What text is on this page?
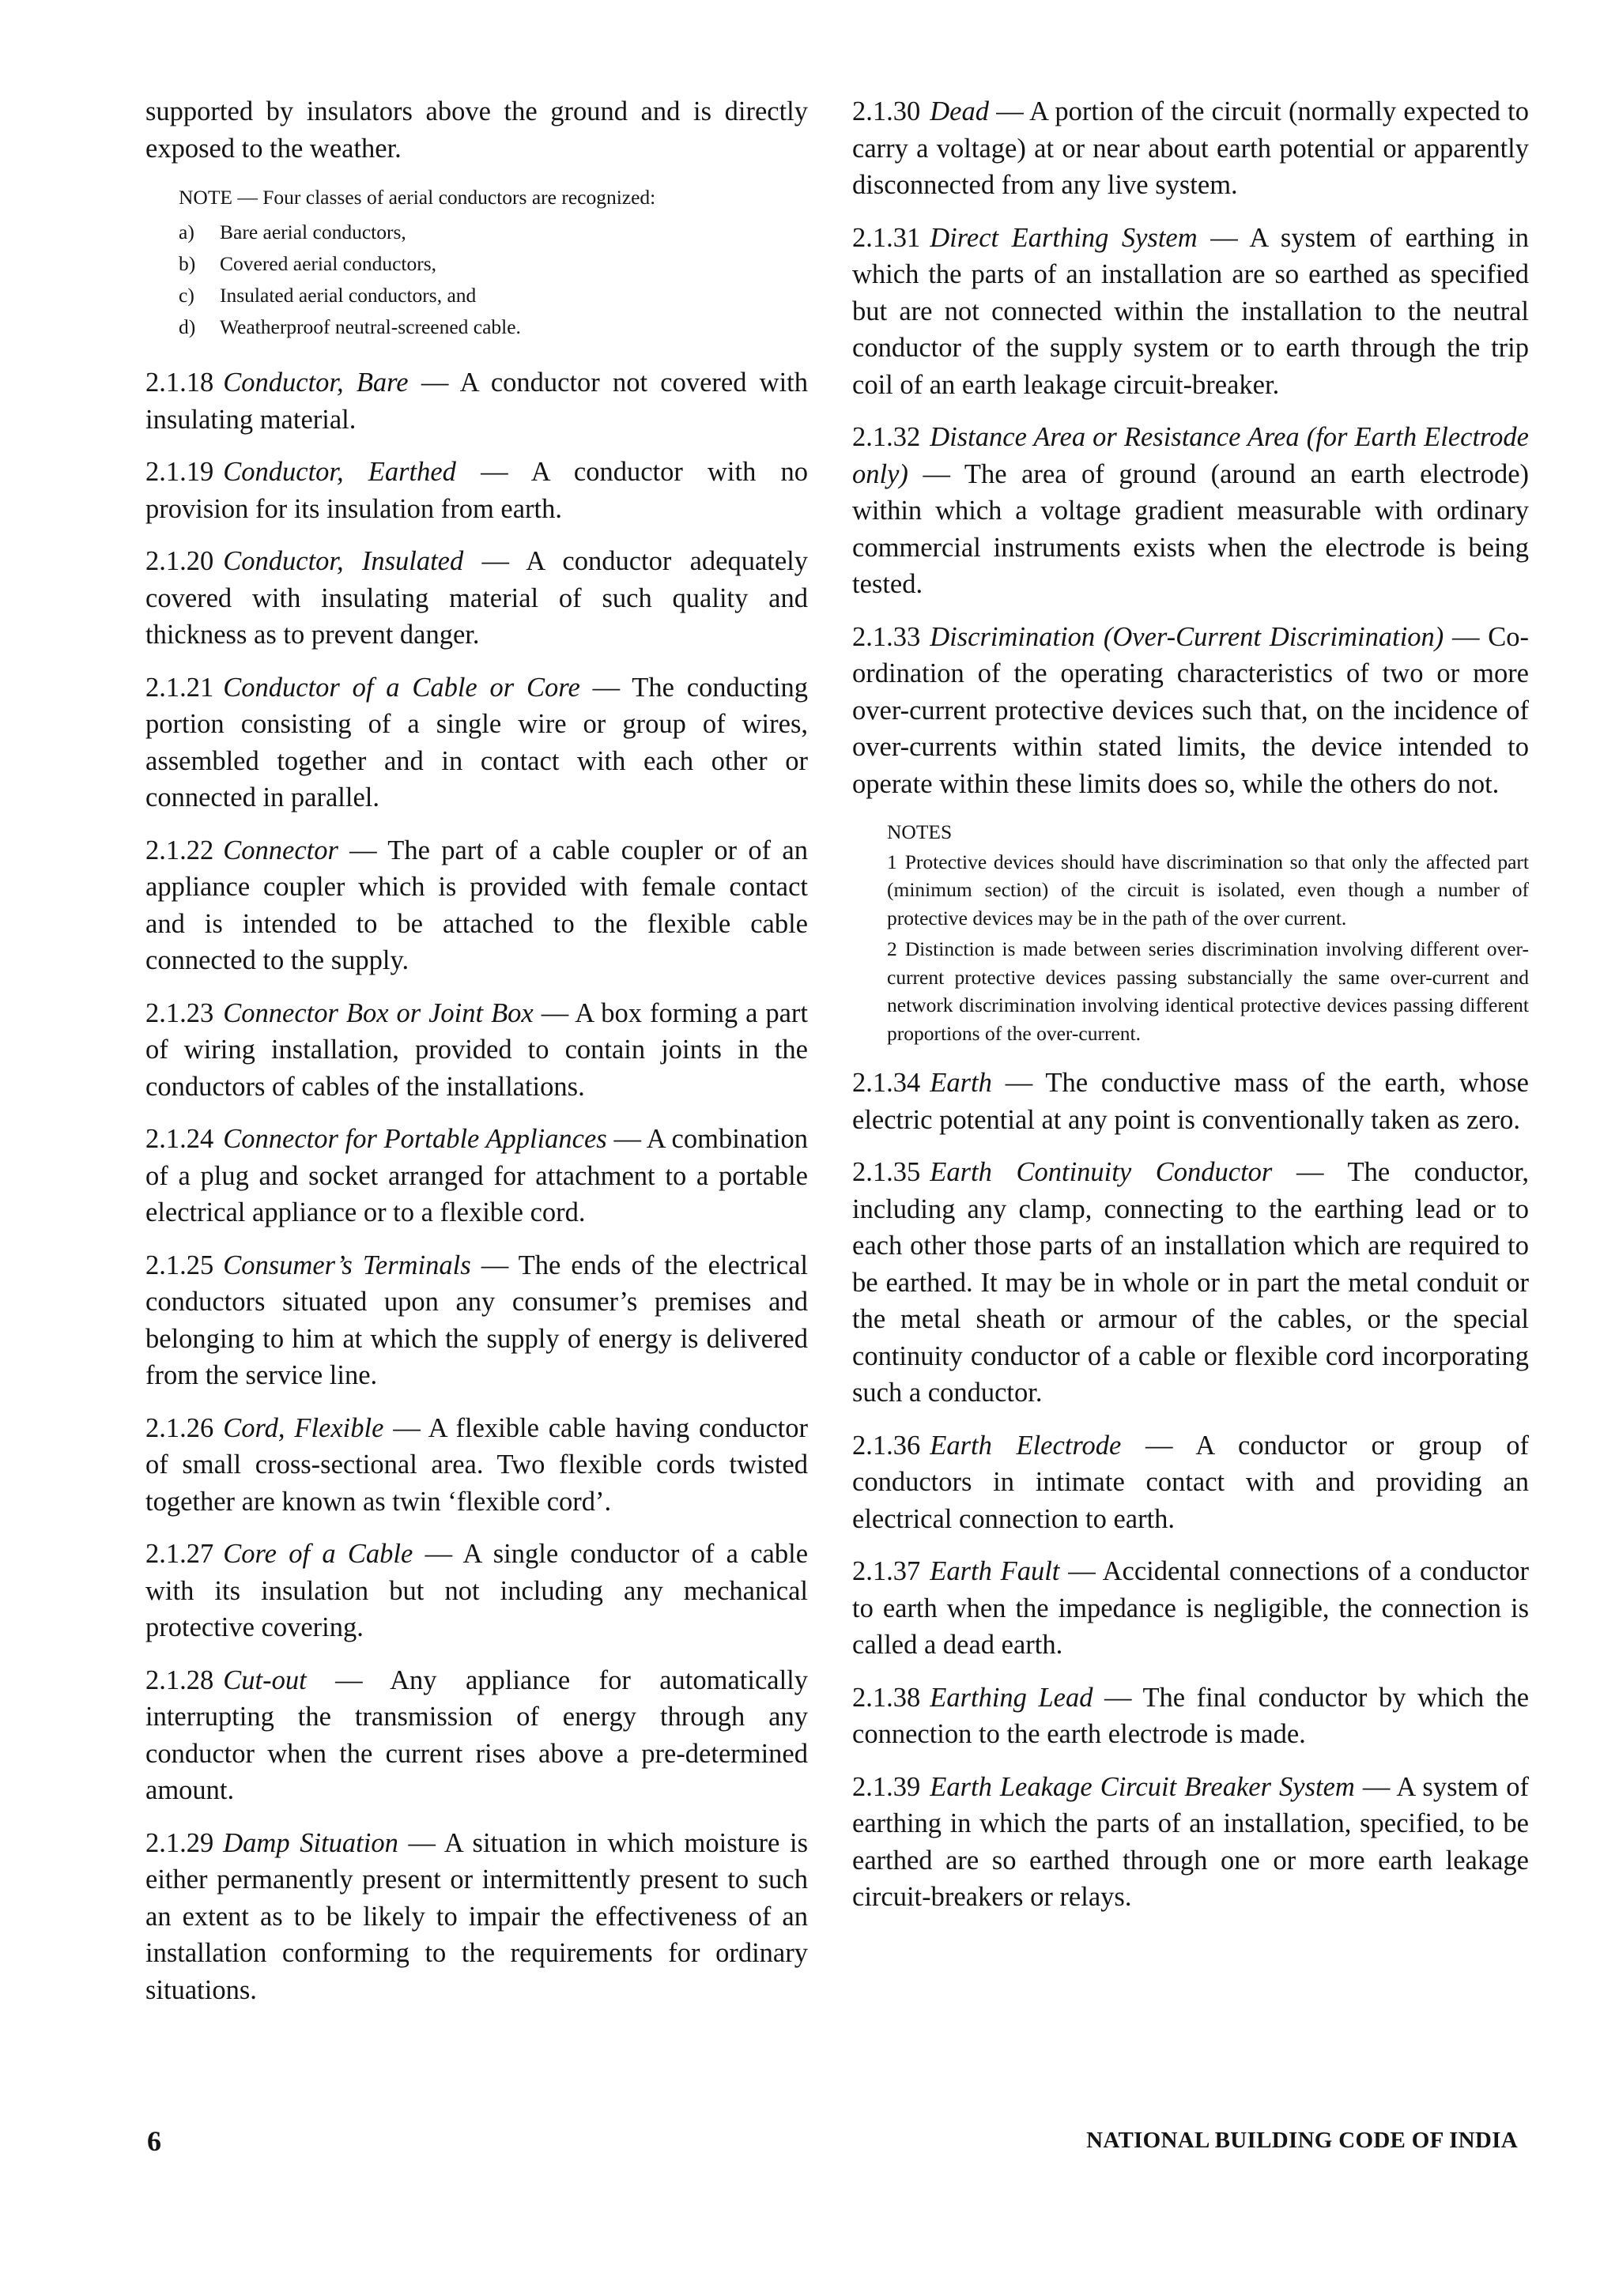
supported by insulators above the ground and is directly exposed to the weather.

NOTE — Four classes of aerial conductors are recognized:
a) Bare aerial conductors,
b) Covered aerial conductors,
c) Insulated aerial conductors, and
d) Weatherproof neutral-screened cable.

2.1.18 Conductor, Bare — A conductor not covered with insulating material.

2.1.19 Conductor, Earthed — A conductor with no provision for its insulation from earth.

2.1.20 Conductor, Insulated — A conductor adequately covered with insulating material of such quality and thickness as to prevent danger.

2.1.21 Conductor of a Cable or Core — The conducting portion consisting of a single wire or group of wires, assembled together and in contact with each other or connected in parallel.

2.1.22 Connector — The part of a cable coupler or of an appliance coupler which is provided with female contact and is intended to be attached to the flexible cable connected to the supply.

2.1.23 Connector Box or Joint Box — A box forming a part of wiring installation, provided to contain joints in the conductors of cables of the installations.

2.1.24 Connector for Portable Appliances — A combination of a plug and socket arranged for attachment to a portable electrical appliance or to a flexible cord.

2.1.25 Consumer’s Terminals — The ends of the electrical conductors situated upon any consumer’s premises and belonging to him at which the supply of energy is delivered from the service line.

2.1.26 Cord, Flexible — A flexible cable having conductor of small cross-sectional area. Two flexible cords twisted together are known as twin ‘flexible cord’.

2.1.27 Core of a Cable — A single conductor of a cable with its insulation but not including any mechanical protective covering.

2.1.28 Cut-out — Any appliance for automatically interrupting the transmission of energy through any conductor when the current rises above a pre-determined amount.

2.1.29 Damp Situation — A situation in which moisture is either permanently present or intermittently present to such an extent as to be likely to impair the effectiveness of an installation conforming to the requirements for ordinary situations.

2.1.30 Dead — A portion of the circuit (normally expected to carry a voltage) at or near about earth potential or apparently disconnected from any live system.

2.1.31 Direct Earthing System — A system of earthing in which the parts of an installation are so earthed as specified but are not connected within the installation to the neutral conductor of the supply system or to earth through the trip coil of an earth leakage circuit-breaker.

2.1.32 Distance Area or Resistance Area (for Earth Electrode only) — The area of ground (around an earth electrode) within which a voltage gradient measurable with ordinary commercial instruments exists when the electrode is being tested.

2.1.33 Discrimination (Over-Current Discrimination) — Co-ordination of the operating characteristics of two or more over-current protective devices such that, on the incidence of over-currents within stated limits, the device intended to operate within these limits does so, while the others do not.

NOTES
1 Protective devices should have discrimination so that only the affected part (minimum section) of the circuit is isolated, even though a number of protective devices may be in the path of the over current.
2 Distinction is made between series discrimination involving different over-current protective devices passing substancially the same over-current and network discrimination involving identical protective devices passing different proportions of the over-current.

2.1.34 Earth — The conductive mass of the earth, whose electric potential at any point is conventionally taken as zero.

2.1.35 Earth Continuity Conductor — The conductor, including any clamp, connecting to the earthing lead or to each other those parts of an installation which are required to be earthed. It may be in whole or in part the metal conduit or the metal sheath or armour of the cables, or the special continuity conductor of a cable or flexible cord incorporating such a conductor.

2.1.36 Earth Electrode — A conductor or group of conductors in intimate contact with and providing an electrical connection to earth.

2.1.37 Earth Fault — Accidental connections of a conductor to earth when the impedance is negligible, the connection is called a dead earth.

2.1.38 Earthing Lead — The final conductor by which the connection to the earth electrode is made.

2.1.39 Earth Leakage Circuit Breaker System — A system of earthing in which the parts of an installation, specified, to be earthed are so earthed through one or more earth leakage circuit-breakers or relays.

6	NATIONAL BUILDING CODE OF INDIA
